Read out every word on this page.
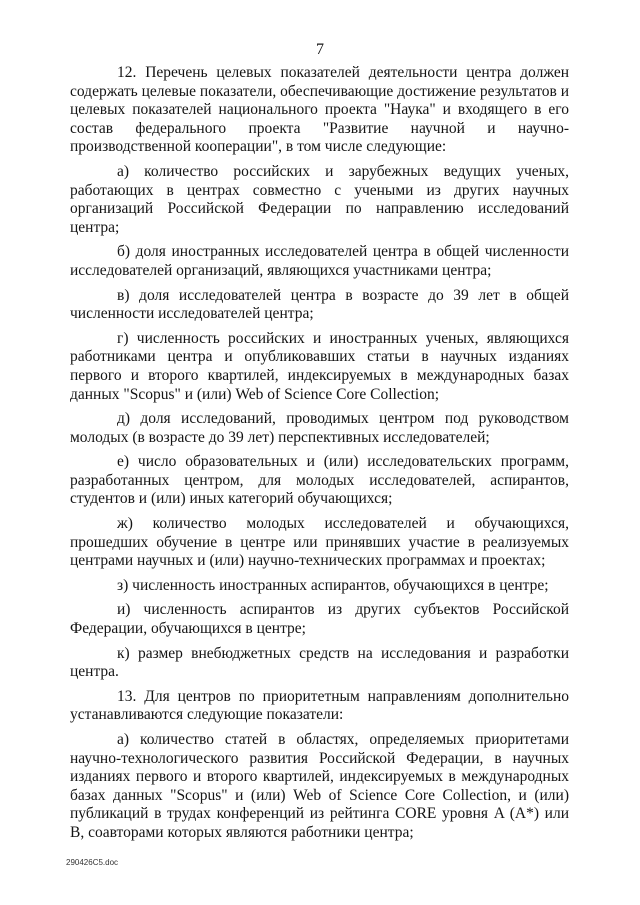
7

12. Перечень целевых показателей деятельности центра должен содержать целевые показатели, обеспечивающие достижение результатов и целевых показателей национального проекта "Наука" и входящего в его состав федерального проекта "Развитие научной и научно-производственной кооперации", в том числе следующие:

а) количество российских и зарубежных ведущих ученых, работающих в центрах совместно с учеными из других научных организаций Российской Федерации по направлению исследований центра;

б) доля иностранных исследователей центра в общей численности исследователей организаций, являющихся участниками центра;

в) доля исследователей центра в возрасте до 39 лет в общей численности исследователей центра;

г) численность российских и иностранных ученых, являющихся работниками центра и опубликовавших статьи в научных изданиях первого и второго квартилей, индексируемых в международных базах данных "Scopus" и (или) Web of Science Core Collection;

д) доля исследований, проводимых центром под руководством молодых (в возрасте до 39 лет) перспективных исследователей;

е) число образовательных и (или) исследовательских программ, разработанных центром, для молодых исследователей, аспирантов, студентов и (или) иных категорий обучающихся;

ж) количество молодых исследователей и обучающихся, прошедших обучение в центре или принявших участие в реализуемых центрами научных и (или) научно-технических программах и проектах;

з) численность иностранных аспирантов, обучающихся в центре;

и) численность аспирантов из других субъектов Российской Федерации, обучающихся в центре;

к) размер внебюджетных средств на исследования и разработки центра.

13. Для центров по приоритетным направлениям дополнительно устанавливаются следующие показатели:

а) количество статей в областях, определяемых приоритетами научно-технологического развития Российской Федерации, в научных изданиях первого и второго квартилей, индексируемых в международных базах данных "Scopus" и (или) Web of Science Core Collection, и (или) публикаций в трудах конференций из рейтинга CORE уровня A (A*) или B, соавторами которых являются работники центра;

290426C5.doc
